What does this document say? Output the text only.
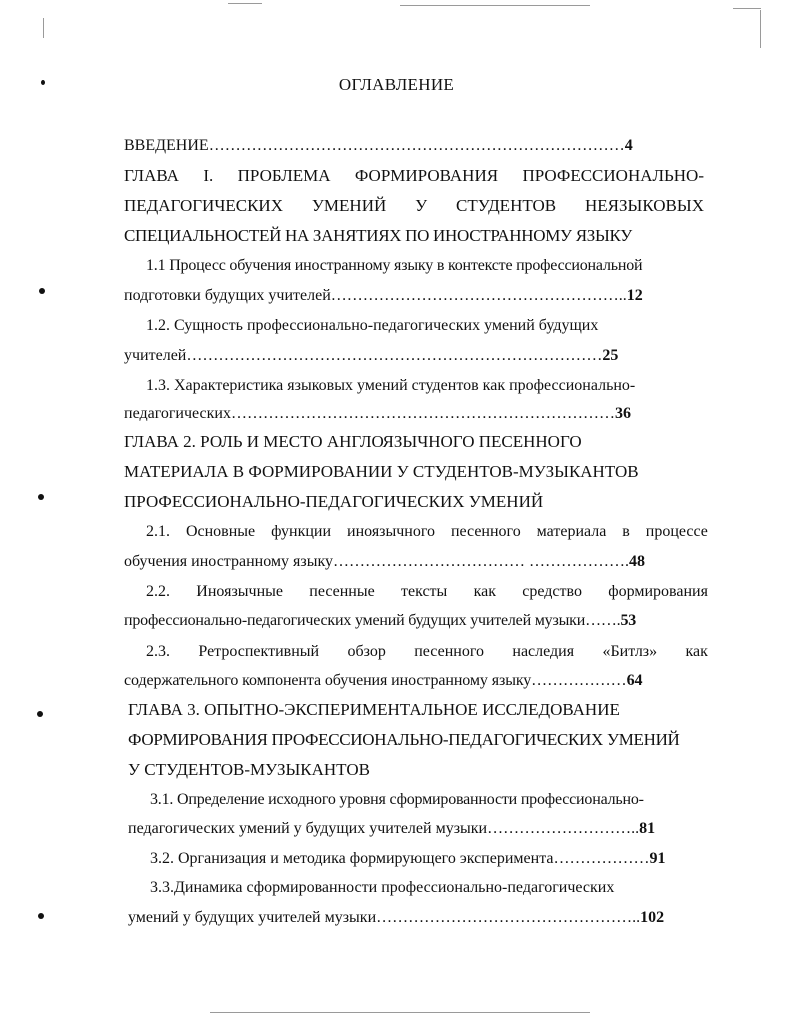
ОГЛАВЛЕНИЕ
ВВЕДЕНИЕ……………………………………………………………………4
ГЛАВА I. ПРОБЛЕМА ФОРМИРОВАНИЯ ПРОФЕССИОНАЛЬНО-
ПЕДАГОГИЧЕСКИХ УМЕНИЙ У СТУДЕНТОВ НЕЯЗЫКОВЫХ
СПЕЦИАЛЬНОСТЕЙ НА ЗАНЯТИЯХ ПО ИНОСТРАННОМУ ЯЗЫКУ
1.1 Процесс обучения иностранному языку в контексте профессиональной
подготовки будущих учителей………………………………………………..12
1.2. Сущность профессионально-педагогических умений будущих
учителей……………………………………………………………………25
1.3. Характеристика языковых умений студентов как профессионально-
педагогических………………………………………………………………36
ГЛАВА 2. РОЛЬ И МЕСТО АНГЛОЯЗЫЧНОГО ПЕСЕННОГО
МАТЕРИАЛА В ФОРМИРОВАНИИ У СТУДЕНТОВ-МУЗЫКАНТОВ
ПРОФЕССИОНАЛЬНО-ПЕДАГОГИЧЕСКИХ УМЕНИЙ
2.1. Основные функции иноязычного песенного материала в процессе
обучения иностранному языку……………………………… ……………….48
2.2. Иноязычные песенные тексты как средство формирования
профессионально-педагогических умений будущих учителей музыки…….53
2.3. Ретроспективный обзор песенного наследия «Битлз» как
содержательного компонента обучения иностранному языку………………64
ГЛАВА 3. ОПЫТНО-ЭКСПЕРИМЕНТАЛЬНОЕ ИССЛЕДОВАНИЕ
ФОРМИРОВАНИЯ ПРОФЕССИОНАЛЬНО-ПЕДАГОГИЧЕСКИХ УМЕНИЙ
У СТУДЕНТОВ-МУЗЫКАНТОВ
3.1. Определение исходного уровня сформированности профессионально-
педагогических умений у будущих учителей музыки………………………..81
3.2. Организация и методика формирующего эксперимента………………91
3.3.Динамика сформированности профессионально-педагогических
умений у будущих учителей музыки…………………………………………..102
